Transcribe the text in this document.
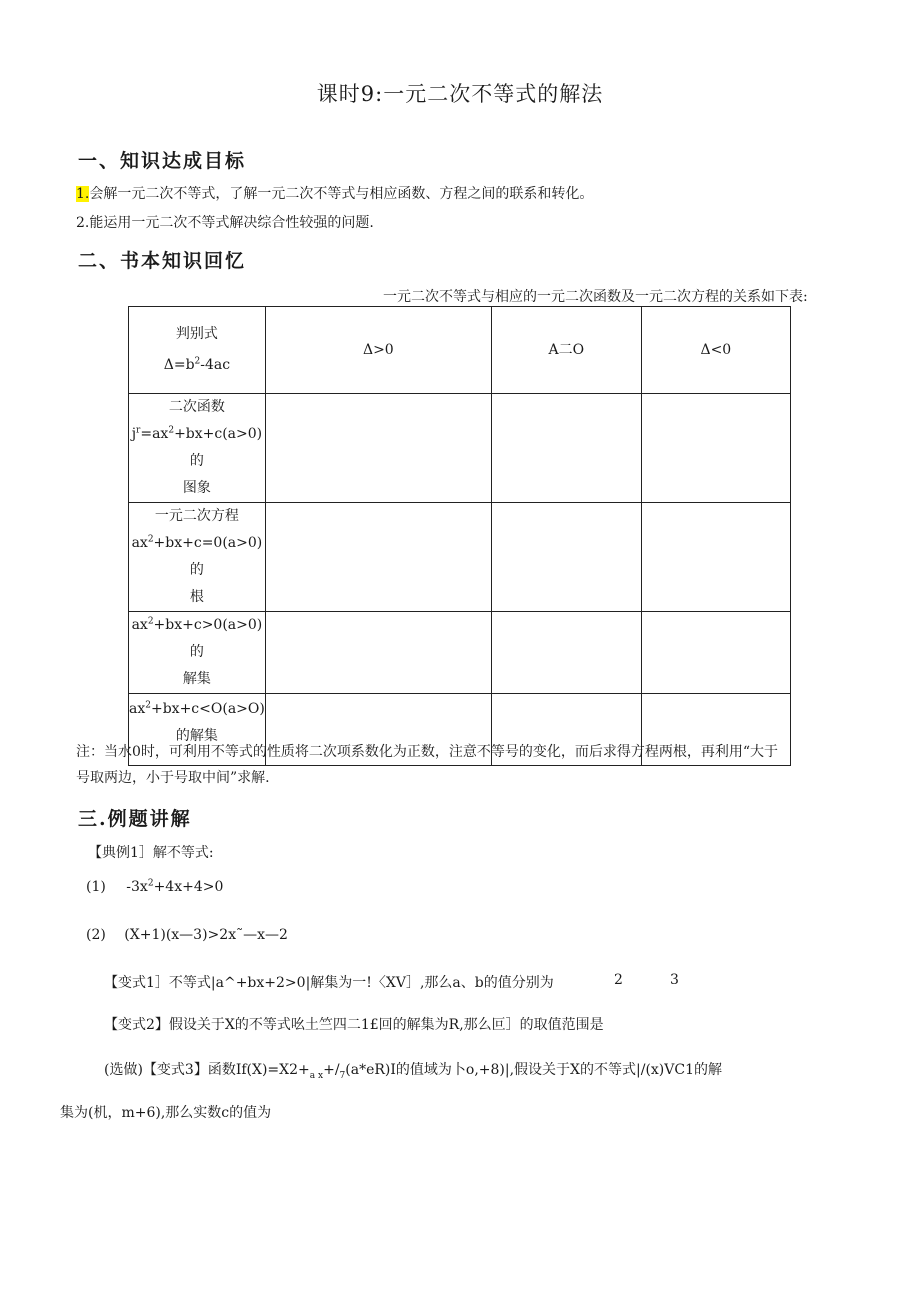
课时9:一元二次不等式的解法
一、知识达成目标
1.会解一元二次不等式，了解一元二次不等式与相应函数、方程之间的联系和转化。
2.能运用一元二次不等式解决综合性较强的问题.
二、书本知识回忆
一元二次不等式与相应的一元二次函数及一元二次方程的关系如下表:
判别式
$\Delta=b^2-4ac$	Δ>0	A二O	Δ<0

二次函数
$j^r=ax^2+bx+c(a>0)$的
图象			

一元二次方程
$ax^2+bx+c=0(a>0)$的
根			

$ax^2+bx+c>0(a>0)$的
解集			

$ax^2+bx+c<O(a>O)$
的解集			

注：当水0时，可利用不等式的性质将二次项系数化为正数，注意不等号的变化，而后求得方程两根，再利用“大于
号取两边，小于号取中间”求解.
三.例题讲解
【典例1］解不等式:
(1) $-3x^2+4x+4>0$
(2) (X+1)(x—3)>2x˜—x—2
【变式1］不等式|a^+bx+2>0|解集为一!〈XV］,那么a、b的值分别为	2	3
【变式2】假设关于X的不等式吆土竺四二1£回的解集为R,那么叵］的取值范围是
(选做)【变式3】函数$If(X)=X2+_{a x}+/_7(a*eR)I$的值域为卜o,+8)|,假设关于X的不等式|/(x)VC1的解
集为(机，m+6),那么实数c的值为
